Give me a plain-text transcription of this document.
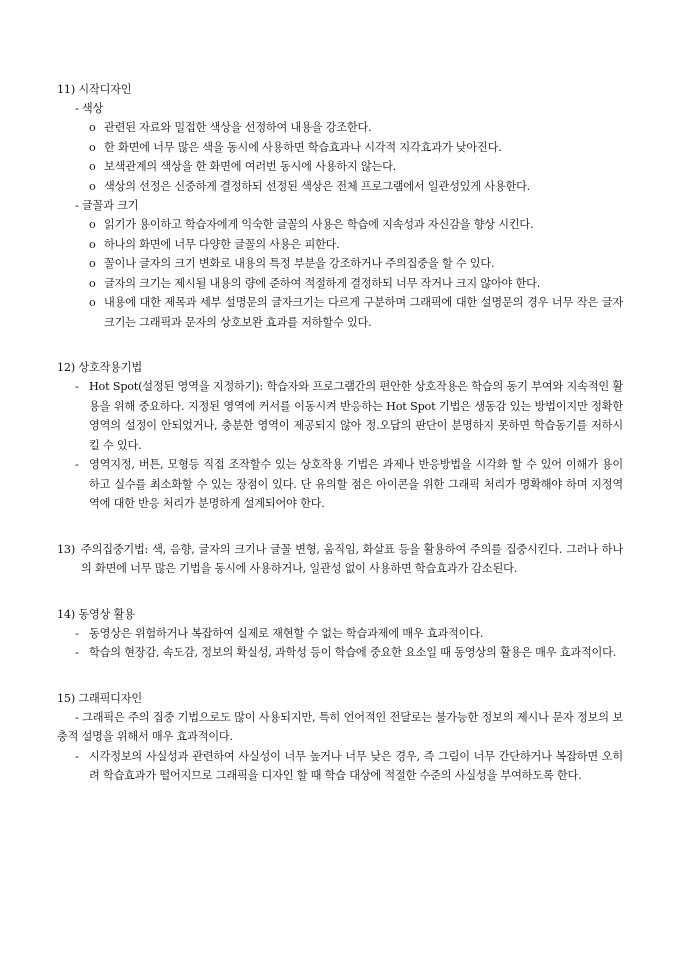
11) 시작디자인
- 색상
o 관련된 자료와 밀접한 색상을 선정하여 내용을 강조한다.
o 한 화면에 너무 많은 색을 동시에 사용하면 학습효과나 시각적 지각효과가 낮아진다.
o 보색관계의 색상을 한 화면에 여러번 동시에 사용하지 않는다.
o 색상의 선정은 신중하게 결정하되 선정된 색상은 전체 프로그램에서 일관성있게 사용한다.
- 글꼴과 크기
o 읽기가 용이하고 학습자에게 익숙한 글꼴의 사용은 학습에 지속성과 자신감을 향상 시킨다.
o 하나의 화면에 너무 다양한 글꼴의 사용은 피한다.
o 꼴이나 글자의 크기 변화로 내용의 특정 부분을 강조하거나 주의집중을 할 수 있다.
o 글자의 크기는 제시될 내용의 량에 준하여 적절하게 결정하되 너무 작거나 크지 않아야 한다.
o 내용에 대한 제목과 세부 설명문의 글자크기는 다르게 구분하며 그래픽에 대한 설명문의 경우 너무 작은 글자크기는 그래픽과 문자의 상호보완 효과를 저하할수 있다.
12) 상호작용기법
- Hot Spot(설정된 영역을 지정하기): 학습자와 프로그램간의 편안한 상호작용은 학습의 동기 부여와 지속적인 활용을 위해 중요하다. 지정된 영역에 커서를 이동시켜 반응하는 Hot Spot 기법은 생동감 있는 방법이지만 정확한 영역의 설정이 안되었거나, 충분한 영역이 제공되지 않아 정.오답의 판단이 분명하지 못하면 학습동기를 저하시킬 수 있다.
- 영역지정, 버튼, 모형등 직접 조작할수 있는 상호작용 기법은 과제나 반응방법을 시각화 할 수 있어 이해가 용이하고 실수를 최소화할 수 있는 장점이 있다. 단 유의할 점은 아이콘을 위한 그래픽 처리가 명확해야 하며 지정역역에 대한 반응 처리가 분명하게 설계되어야 한다.
13) 주의집중기법: 색, 음향, 글자의 크기나 글꼴 변형, 움직임, 화살표 등을 활용하여 주의를 집중시킨다. 그러나 하나의 화면에 너무 많은 기법을 동시에 사용하거나, 일관성 없이 사용하면 학습효과가 감소된다.
14) 동영상 활용
- 동영상은 위험하거나 복잡하여 실제로 재현할 수 없는 학습과제에 매우 효과적이다.
- 학습의 현장감, 속도감, 정보의 확실성, 과학성 등이 학습에 중요한 요소일 때 동영상의 활용은 매우 효과적이다.
15) 그래픽디자인
- 그래픽은 주의 집중 기법으로도 많이 사용되지만, 특히 언어적인 전달로는 불가능한 정보의 제시나 문자 정보의 보충적 설명을 위해서 매우 효과적이다.
- 시각정보의 사실성과 관련하여 사실성이 너무 높거나 너무 낮은 경우, 즉 그림이 너무 간단하거나 복잡하면 오히려 학습효과가 떨어지므로 그래픽을 디자인 할 때 학습 대상에 적절한 수준의 사실성을 부여하도록 한다.
